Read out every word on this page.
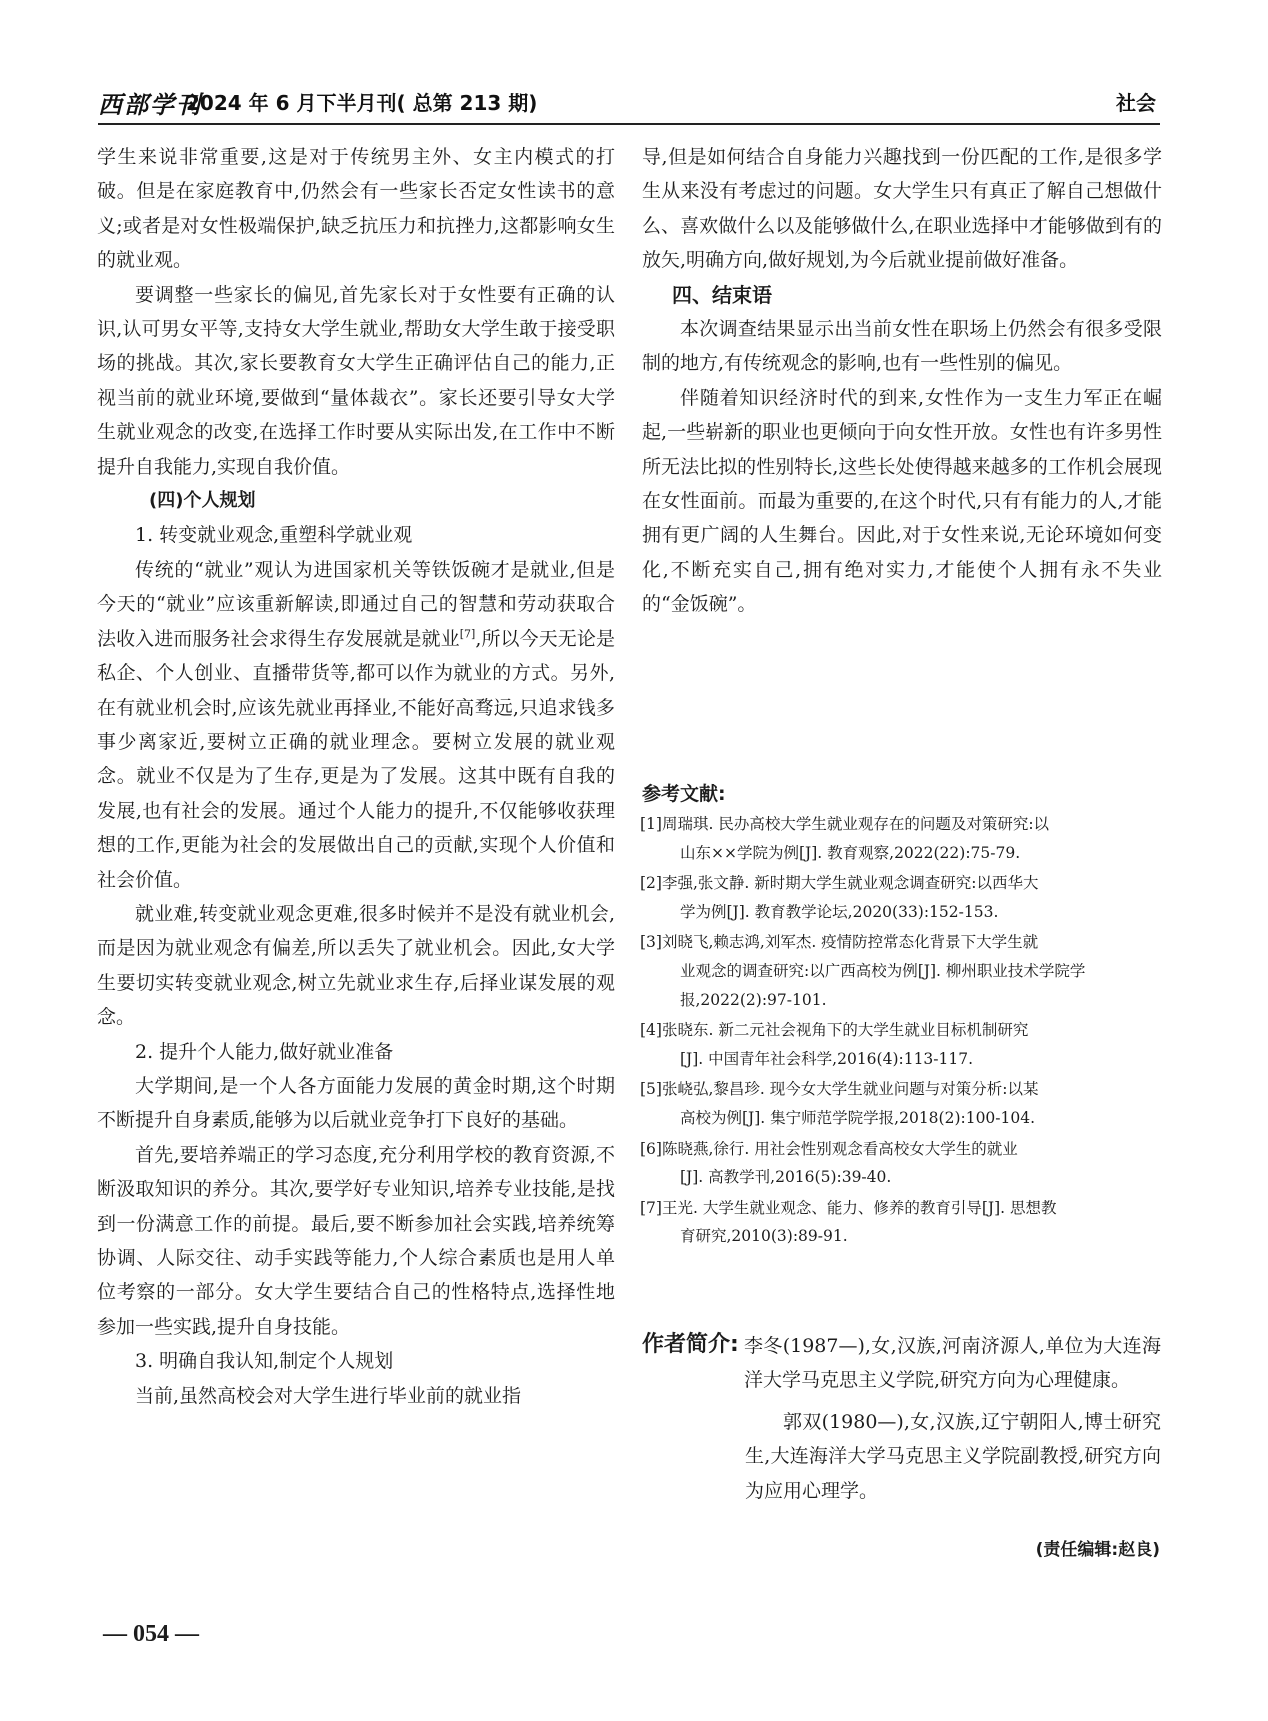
西部学刊
2024 年 6 月下半月刊( 总第 213 期)	社会

学生来说非常重要,这是对于传统男主外、女主内模式的打破。但是在家庭教育中,仍然会有一些家长否定女性读书的意义;或者是对女性极端保护,缺乏抗压力和抗挫力,这都影响女生的就业观。

要调整一些家长的偏见,首先家长对于女性要有正确的认识,认可男女平等,支持女大学生就业,帮助女大学生敢于接受职场的挑战。其次,家长要教育女大学生正确评估自己的能力,正视当前的就业环境,要做到“量体裁衣”。家长还要引导女大学生就业观念的改变,在选择工作时要从实际出发,在工作中不断提升自我能力,实现自我价值。

(四)个人规划

1. 转变就业观念,重塑科学就业观

传统的“就业”观认为进国家机关等铁饭碗才是就业,但是今天的“就业”应该重新解读,即通过自己的智慧和劳动获取合法收入进而服务社会求得生存发展就是就业[7],所以今天无论是私企、个人创业、直播带货等,都可以作为就业的方式。另外,在有就业机会时,应该先就业再择业,不能好高骛远,只追求钱多事少离家近,要树立正确的就业理念。要树立发展的就业观念。就业不仅是为了生存,更是为了发展。这其中既有自我的发展,也有社会的发展。通过个人能力的提升,不仅能够收获理想的工作,更能为社会的发展做出自己的贡献,实现个人价值和社会价值。

就业难,转变就业观念更难,很多时候并不是没有就业机会,而是因为就业观念有偏差,所以丢失了就业机会。因此,女大学生要切实转变就业观念,树立先就业求生存,后择业谋发展的观念。

2. 提升个人能力,做好就业准备

大学期间,是一个人各方面能力发展的黄金时期,这个时期不断提升自身素质,能够为以后就业竞争打下良好的基础。

首先,要培养端正的学习态度,充分利用学校的教育资源,不断汲取知识的养分。其次,要学好专业知识,培养专业技能,是找到一份满意工作的前提。最后,要不断参加社会实践,培养统筹协调、人际交往、动手实践等能力,个人综合素质也是用人单位考察的一部分。女大学生要结合自己的性格特点,选择性地参加一些实践,提升自身技能。

3. 明确自我认知,制定个人规划

当前,虽然高校会对大学生进行毕业前的就业指

导,但是如何结合自身能力兴趣找到一份匹配的工作,是很多学生从来没有考虑过的问题。女大学生只有真正了解自己想做什么、喜欢做什么以及能够做什么,在职业选择中才能够做到有的放矢,明确方向,做好规划,为今后就业提前做好准备。

四、结束语

本次调查结果显示出当前女性在职场上仍然会有很多受限制的地方,有传统观念的影响,也有一些性别的偏见。

伴随着知识经济时代的到来,女性作为一支生力军正在崛起,一些崭新的职业也更倾向于向女性开放。女性也有许多男性所无法比拟的性别特长,这些长处使得越来越多的工作机会展现在女性面前。而最为重要的,在这个时代,只有有能力的人,才能拥有更广阔的人生舞台。因此,对于女性来说,无论环境如何变化,不断充实自己,拥有绝对实力,才能使个人拥有永不失业的“金饭碗”。

参考文献:
[1]周瑞琪. 民办高校大学生就业观存在的问题及对策研究:以
山东××学院为例[J]. 教育观察,2022(22):75-79.
[2]李强,张文静. 新时期大学生就业观念调查研究:以西华大
学为例[J]. 教育教学论坛,2020(33):152-153.
[3]刘晓飞,赖志鸿,刘军杰. 疫情防控常态化背景下大学生就

业观念的调查研究:以广西高校为例[J]. 柳州职业技术学院学报,2022(2):97-101.
[4]张晓东. 新二元社会视角下的大学生就业目标机制研究
[J]. 中国青年社会科学,2016(4):113-117.
[5]张峣弘,黎昌珍. 现今女大学生就业问题与对策分析:以某
高校为例[J]. 集宁师范学院学报,2018(2):100-104.
[6]陈晓燕,徐行. 用社会性别观念看高校女大学生的就业
[J]. 高教学刊,2016(5):39-40.
[7]王光. 大学生就业观念、能力、修养的教育引导[J]. 思想教
育研究,2010(3):89-91.
作者简介: 李冬(1987—),女,汉族,河南济源人,单位为大连海洋大学马克思主义学院,研究方向为心理健康。

郭双(1980—),女,汉族,辽宁朝阳人,博士研究生,大连海洋大学马克思主义学院副教授,研究方向为应用心理学。

(责任编辑:赵良)
— 054 —
